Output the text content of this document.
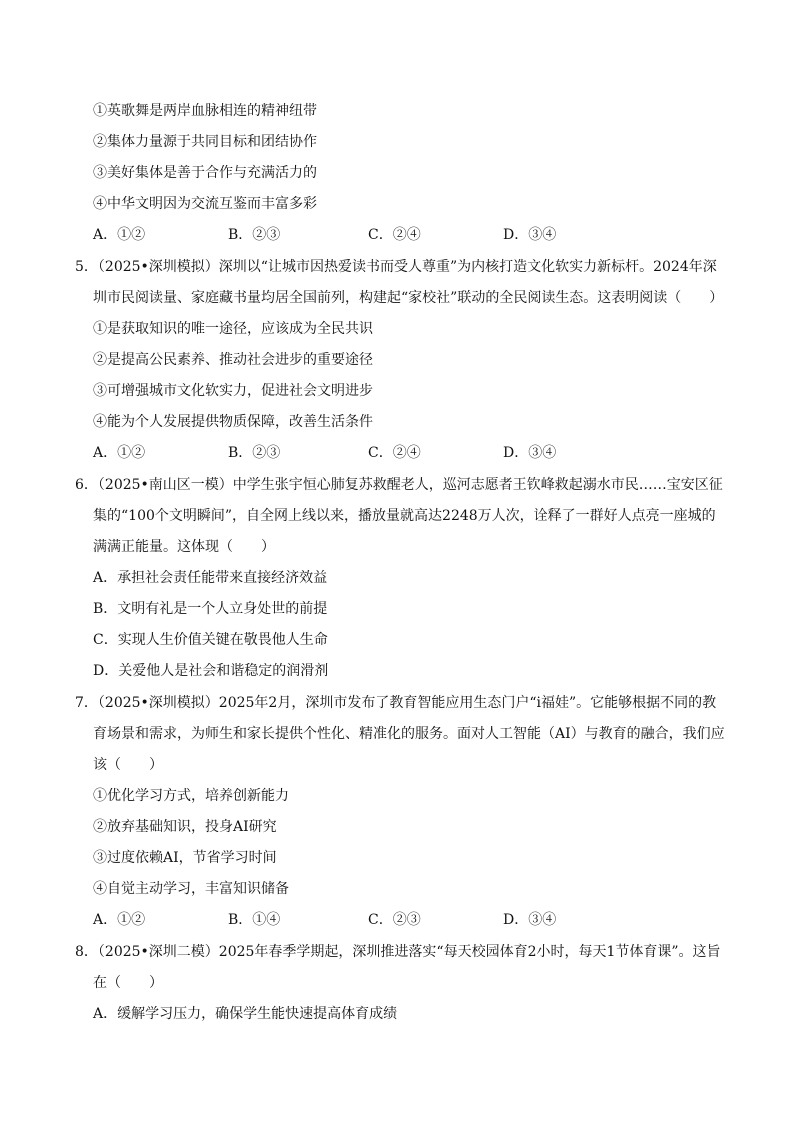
①英歌舞是两岸血脉相连的精神纽带
②集体力量源于共同目标和团结协作
③美好集体是善于合作与充满活力的
④中华文明因为交流互鉴而丰富多彩
A．①②	B．②③	C．②④	D．③④
5．（2025•深圳模拟）深圳以“让城市因热爱读书而受人尊重”为内核打造文化软实力新标杆。2024年深
圳市民阅读量、家庭藏书量均居全国前列，构建起“家校社”联动的全民阅读生态。这表明阅读（　　）
①是获取知识的唯一途径，应该成为全民共识
②是提高公民素养、推动社会进步的重要途径
③可增强城市文化软实力，促进社会文明进步
④能为个人发展提供物质保障，改善生活条件
A．①②	B．②③	C．②④	D．③④
6．（2025•南山区一模）中学生张宇恒心肺复苏救醒老人，巡河志愿者王钦峰救起溺水市民……宝安区征
集的“100个文明瞬间”，自全网上线以来，播放量就高达2248万人次，诠释了一群好人点亮一座城的
满满正能量。这体现（　　）
A．承担社会责任能带来直接经济效益
B．文明有礼是一个人立身处世的前提
C．实现人生价值关键在敬畏他人生命
D．关爱他人是社会和谐稳定的润滑剂
7．（2025•深圳模拟）2025年2月，深圳市发布了教育智能应用生态门户“i福娃”。它能够根据不同的教
育场景和需求，为师生和家长提供个性化、精准化的服务。面对人工智能（AI）与教育的融合，我们应
该（　　）
①优化学习方式，培养创新能力
②放弃基础知识，投身AI研究
③过度依赖AI，节省学习时间
④自觉主动学习，丰富知识储备
A．①②	B．①④	C．②③	D．③④
8．（2025•深圳二模）2025年春季学期起，深圳推进落实“每天校园体育2小时，每天1节体育课”。这旨
在（　　）
A．缓解学习压力，确保学生能快速提高体育成绩
